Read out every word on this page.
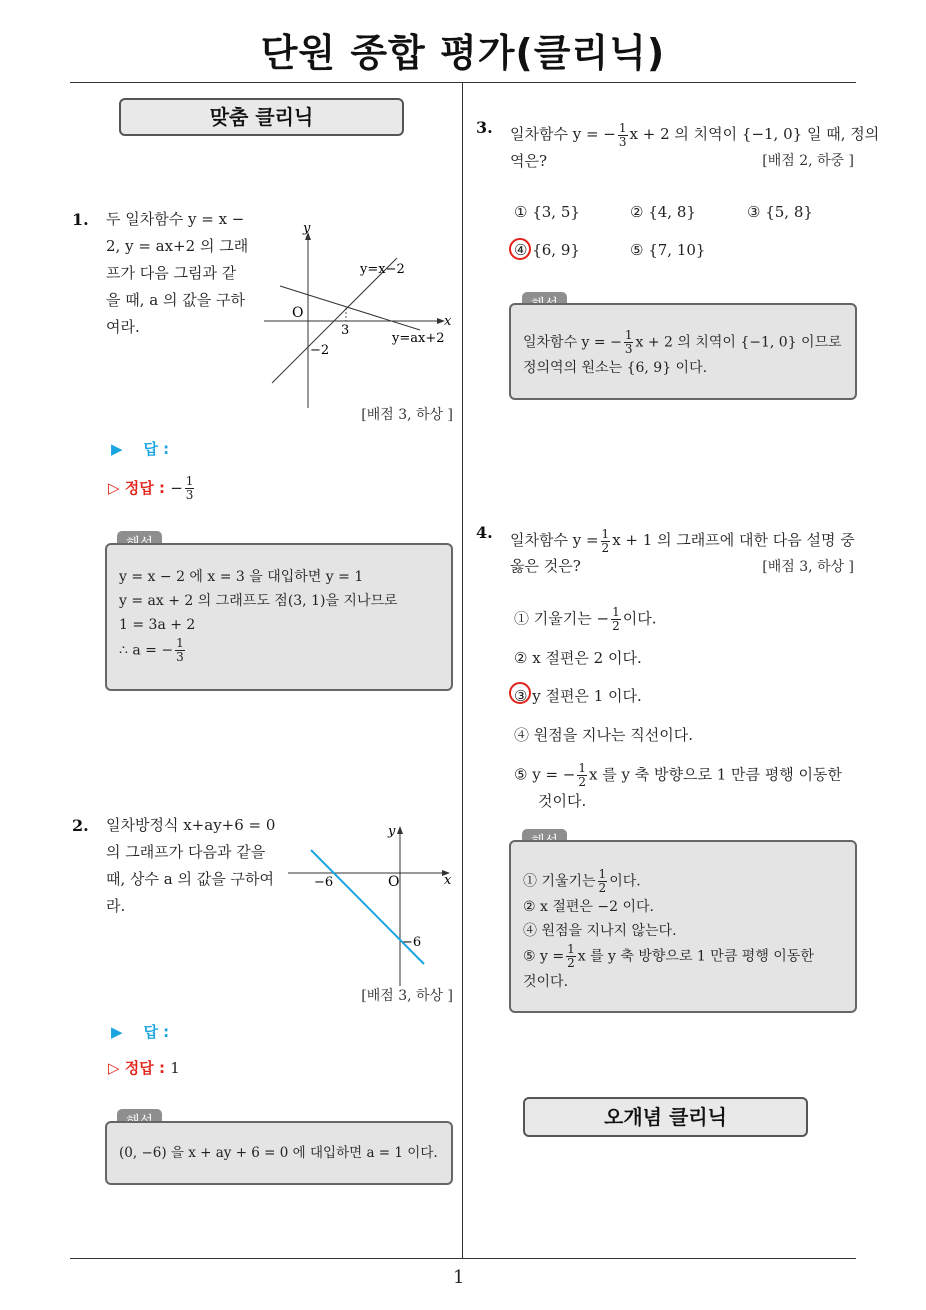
단원 종합 평가(클리닉)
1
맞춤 클리닉
1. 두 일차함수 y = x −
2, y = ax+2 의 그래
프가 다음 그림과 같
을 때, a 의 값을 구하
여라.	x
y
O
3
−2
y=x−2
y=ax+2
[배점 3, 하상 ]
▶ 답 :
▷ 정답 : − $\frac{1}{3}$
y = x − 2 에 x = 3 을 대입하면 y = 1
y = ax + 2 의 그래프도 점(3, 1)을 지나므로
1 = 3a + 2
∴ a = − $\frac{1}{3}$
2. 일차방정식 x+ay+6 = 0
의 그래프가 다음과 같을
때, 상수 a 의 값을 구하여
라.
x
y
O
−6
−6
[배점 3, 하상 ]
▶ 답 :
▷ 정답 : 1
(0, −6) 을 x + ay + 6 = 0 에 대입하면 a = 1 이다.
3. 일차함수 y = − $\frac{1}{3}$ x + 2 의 치역이 {−1, 0} 일 때, 정의
역은?	[배점 2, 하중 ]
① {3, 5}	② {4, 8}	③ {5, 8}
④ {6, 9}	⑤ {7, 10}
일차함수 y = − $\frac{1}{3}$ x + 2 의 치역이 {−1, 0} 이므로
정의역의 원소는 {6, 9} 이다.
4. 일차함수 $y = \frac{1}{2}$ x + 1 의 그래프에 대한 다음 설명 중
옳은 것은?	[배점 3, 하상 ]
① 기울기는 − $\frac{1}{2}$ 이다.
② x 절편은 2 이다.
③ y 절편은 1 이다.
④ 원점을 지나는 직선이다.
⑤ y = − $\frac{1}{2}$ x 를 y 축 방향으로 1 만큼 평행 이동한
것이다.
① 기울기는 $\frac{1}{2}$ 이다.
② x 절편은 −2 이다.
④ 원점을 지나지 않는다.
⑤ $y = \frac{1}{2}$ x 를 y 축 방향으로 1 만큼 평행 이동한
것이다.
오개념 클리닉
